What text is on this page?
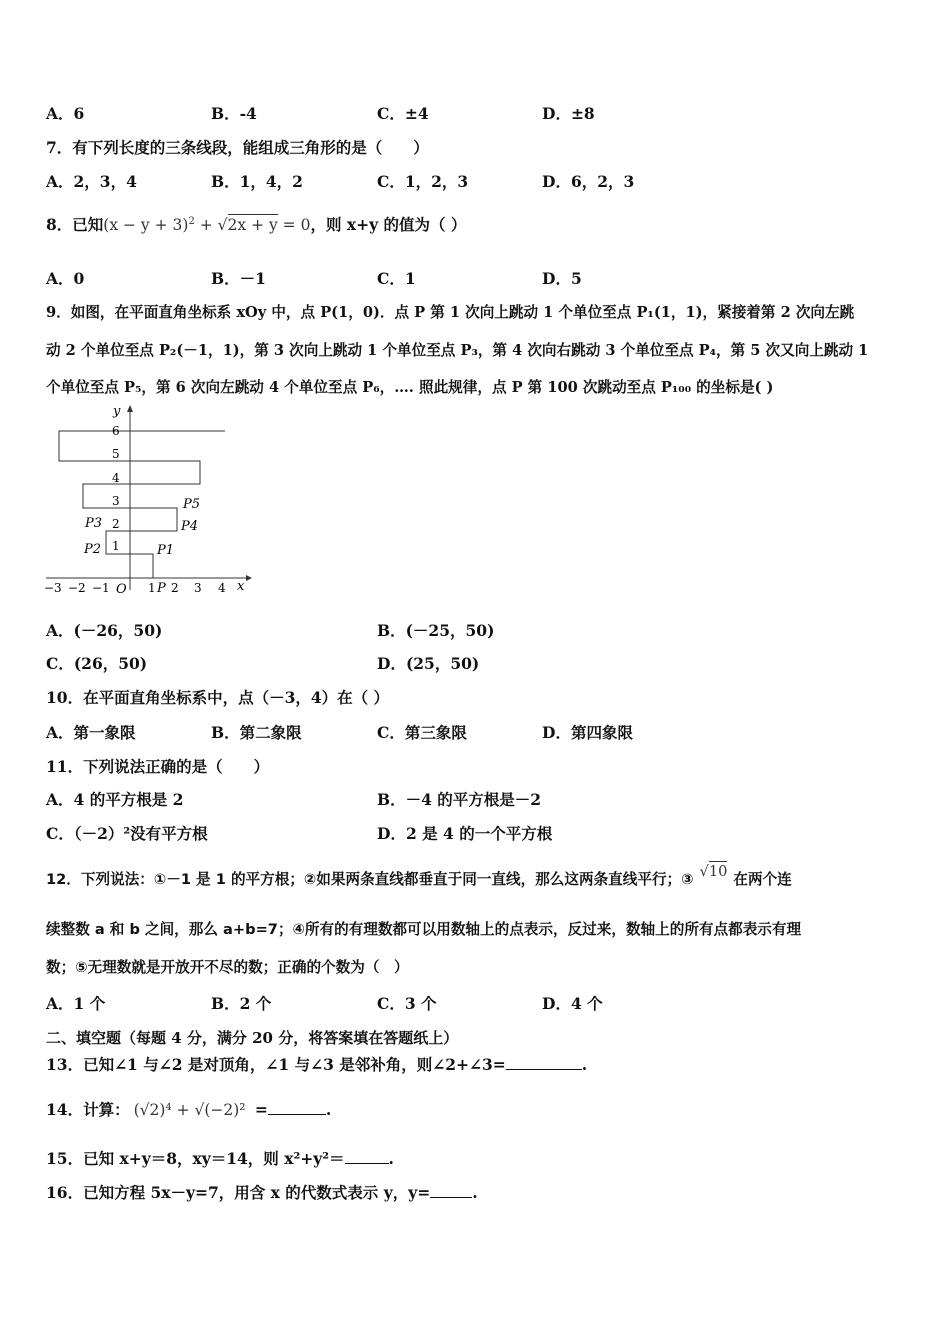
A．6	B．-4	C．±4	D．±8
7．有下列长度的三条线段，能组成三角形的是（　　）
A．2，3，4	B．1，4，2	C．1，2，3	D．6，2，3
8．已知$(x - y + 3)^2 + √2x + y = 0$，则 x+y 的值为（ ）
A．0	B．－1	C．1	D．5
9．如图，在平面直角坐标系 xOy 中，点 P(1，0)．点 P 第 1 次向上跳动 1 个单位至点 P₁(1，1)，紧接着第 2 次向左跳
动 2 个单位至点 P₂(－1，1)，第 3 次向上跳动 1 个单位至点 P₃，第 4 次向右跳动 3 个单位至点 P₄，第 5 次又向上跳动 1
个单位至点 P₅，第 6 次向左跳动 4 个单位至点 P₆，…. 照此规律，点 P 第 100 次跳动至点 P₁₀₀ 的坐标是( )
y
x
6
5
4
3
2
1
−3 −2 −1 O 1 P 2 3 4
P5
P4
P3
P2	P1
A．(－26，50)	B．(－25，50)
C．(26，50)	D．(25，50)
10．在平面直角坐标系中，点（－3，4）在（ ）
A．第一象限	B．第二象限	C．第三象限	D．第四象限
11．下列说法正确的是（　　）
A．4 的平方根是 2	B．－4 的平方根是－2
C．（－2）²没有平方根	D．2 是 4 的一个平方根
12．下列说法：①－1 是 1 的平方根；②如果两条直线都垂直于同一直线，那么这两条直线平行；③ √10 在两个连
续整数 a 和 b 之间，那么 a+b=7；④所有的有理数都可以用数轴上的点表示，反过来，数轴上的所有点都表示有理
数；⑤无理数就是开放开不尽的数；正确的个数为（　）
A．1 个	B．2 个	C．3 个	D．4 个
二、填空题（每题 4 分，满分 20 分，将答案填在答题纸上）
13．已知∠1 与∠2 是对顶角，∠1 与∠3 是邻补角，则∠2+∠3=	.
14．计算： (√2)⁴ + √(−2)² =	.
15．已知 x+y＝8，xy＝14，则 x²+y²＝	.
16．已知方程 5x－y=7，用含 x 的代数式表示 y，y=	.
